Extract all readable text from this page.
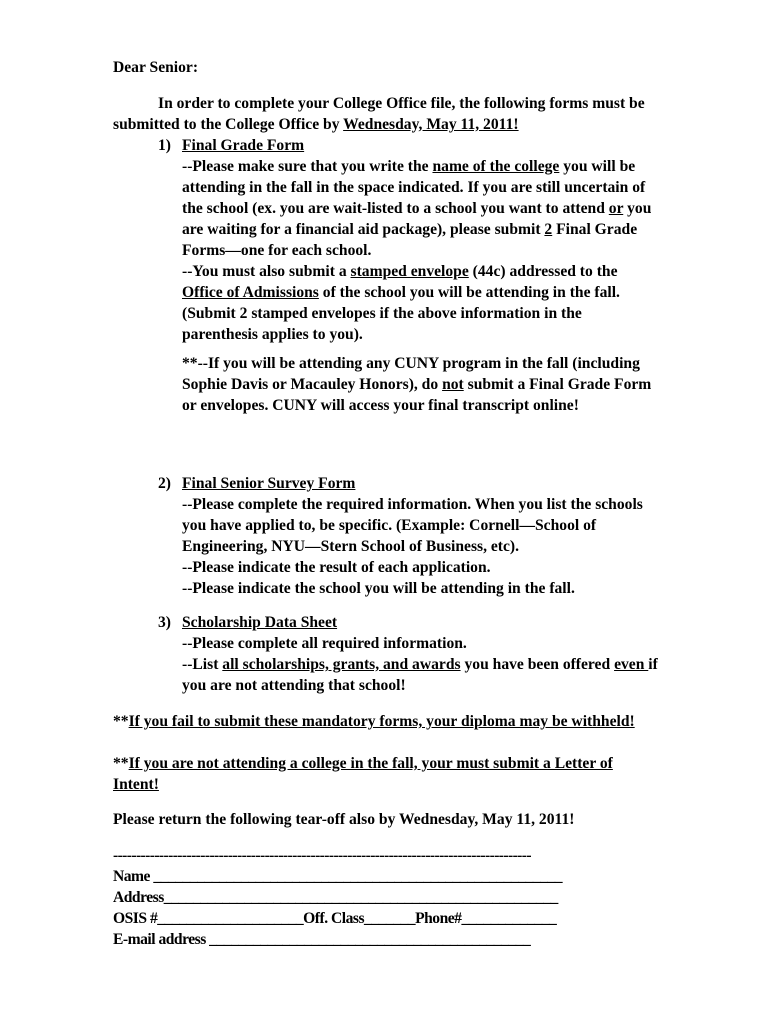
Dear Senior:

In order to complete your College Office file, the following forms must be submitted to the College Office by Wednesday, May 11, 2011!

1) Final Grade Form

--Please make sure that you write the name of the college you will be attending in the fall in the space indicated. If you are still uncertain of the school (ex. you are wait-listed to a school you want to attend or you are waiting for a financial aid package), please submit 2 Final Grade Forms—one for each school.

--You must also submit a stamped envelope (44c) addressed to the Office of Admissions of the school you will be attending in the fall. (Submit 2 stamped envelopes if the above information in the parenthesis applies to you).

**--If you will be attending any CUNY program in the fall (including Sophie Davis or Macauley Honors), do not submit a Final Grade Form or envelopes. CUNY will access your final transcript online!

2) Final Senior Survey Form

--Please complete the required information. When you list the schools you have applied to, be specific. (Example: Cornell—School of Engineering, NYU—Stern School of Business, etc).

--Please indicate the result of each application.

--Please indicate the school you will be attending in the fall.

3) Scholarship Data Sheet

--Please complete all required information.

--List all scholarships, grants, and awards you have been offered even if you are not attending that school!

**If you fail to submit these mandatory forms, your diploma may be withheld!
**If you are not attending a college in the fall, your must submit a Letter of Intent!
Please return the following tear-off also by Wednesday, May 11, 2011!
-------------------------------------------------------------------------------------------
Name ________________________________________________________
Address______________________________________________________
OSIS #____________________Off. Class_______Phone#_____________
E-mail address ____________________________________________
